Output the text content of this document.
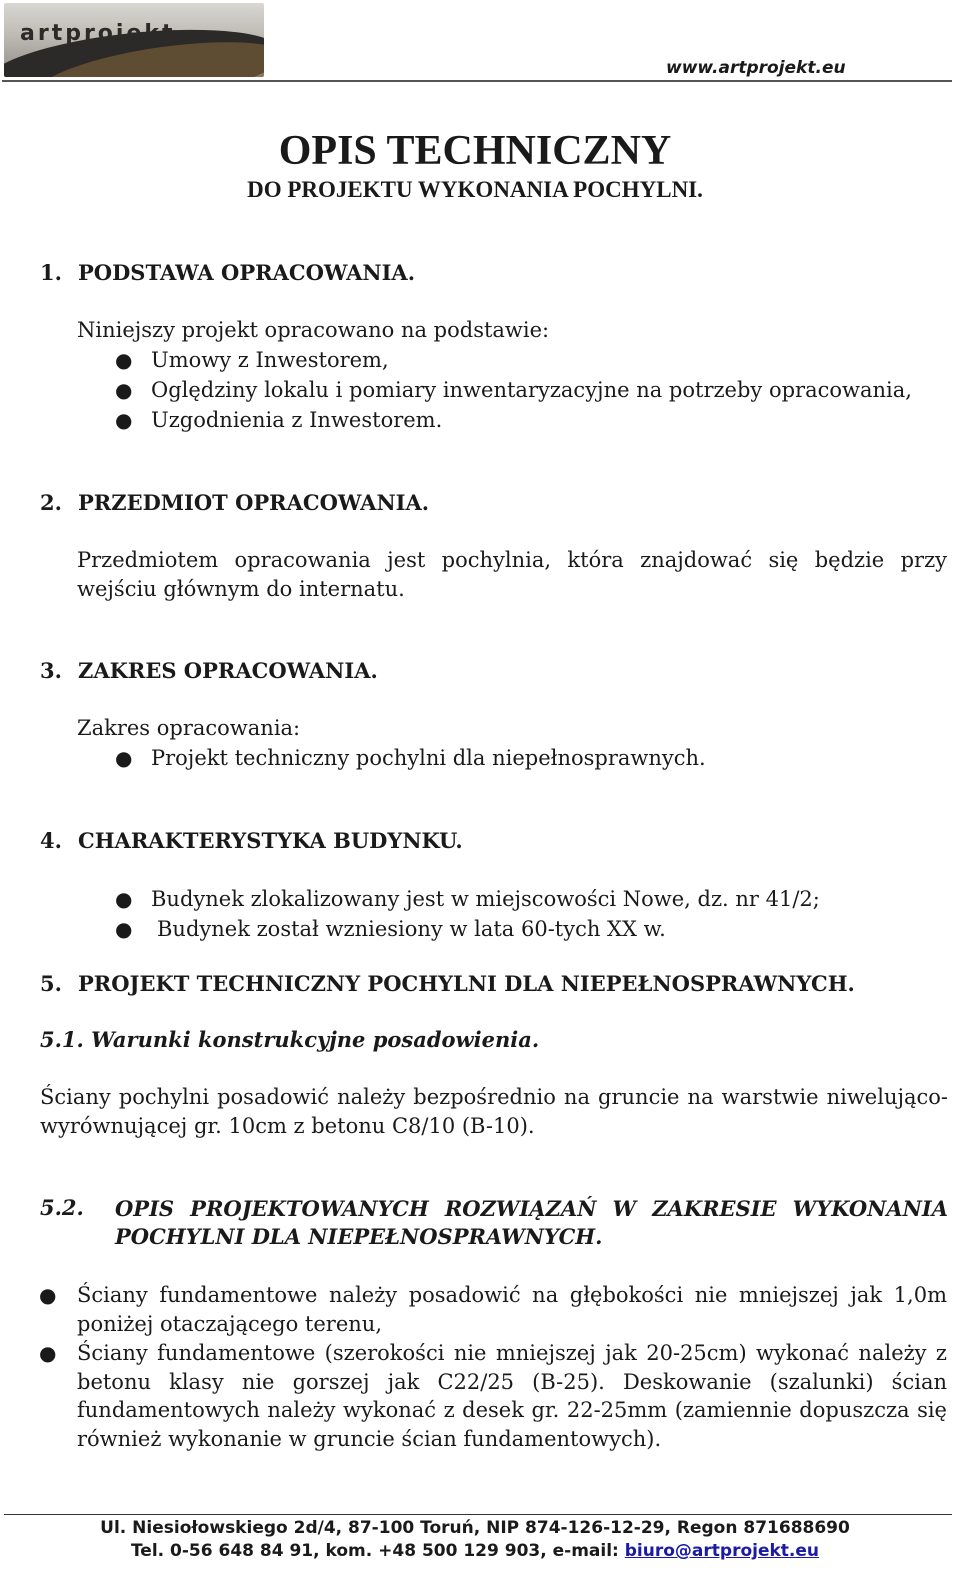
artprojekt
www.artprojekt.eu
OPIS TECHNICZNY
DO PROJEKTU WYKONANIA POCHYLNI.
1. PODSTAWA OPRACOWANIA.
Niniejszy projekt opracowano na podstawie:
● Umowy z Inwestorem,
● Oględziny lokalu i pomiary inwentaryzacyjne na potrzeby opracowania,
● Uzgodnienia z Inwestorem.
2. PRZEDMIOT OPRACOWANIA.
Przedmiotem opracowania jest pochylnia, która znajdować się będzie przy wejściu głównym do internatu.
3. ZAKRES OPRACOWANIA.
Zakres opracowania:
● Projekt techniczny pochylni dla niepełnosprawnych.
4. CHARAKTERYSTYKA BUDYNKU.
● Budynek zlokalizowany jest w miejscowości Nowe, dz. nr 41/2;
● Budynek został wzniesiony w lata 60-tych XX w.
5. PROJEKT TECHNICZNY POCHYLNI DLA NIEPEŁNOSPRAWNYCH.
5.1. Warunki konstrukcyjne posadowienia.
Ściany pochylni posadowić należy bezpośrednio na gruncie na warstwie niwelująco-wyrównującej gr. 10cm z betonu C8/10 (B-10).
5.2. OPIS PROJEKTOWANYCH ROZWIĄZAŃ W ZAKRESIE WYKONANIA POCHYLNI DLA NIEPEŁNOSPRAWNYCH.
● Ściany fundamentowe należy posadowić na głębokości nie mniejszej jak 1,0m poniżej otaczającego terenu,
● Ściany fundamentowe (szerokości nie mniejszej jak 20-25cm) wykonać należy z betonu klasy nie gorszej jak C22/25 (B-25). Deskowanie (szalunki) ścian fundamentowych należy wykonać z desek gr. 22-25mm (zamiennie dopuszcza się również wykonanie w gruncie ścian fundamentowych).
Ul. Niesiołowskiego 2d/4, 87-100 Toruń, NIP 874-126-12-29, Regon 871688690
Tel. 0-56 648 84 91, kom. +48 500 129 903, e-mail: biuro@artprojekt.eu
